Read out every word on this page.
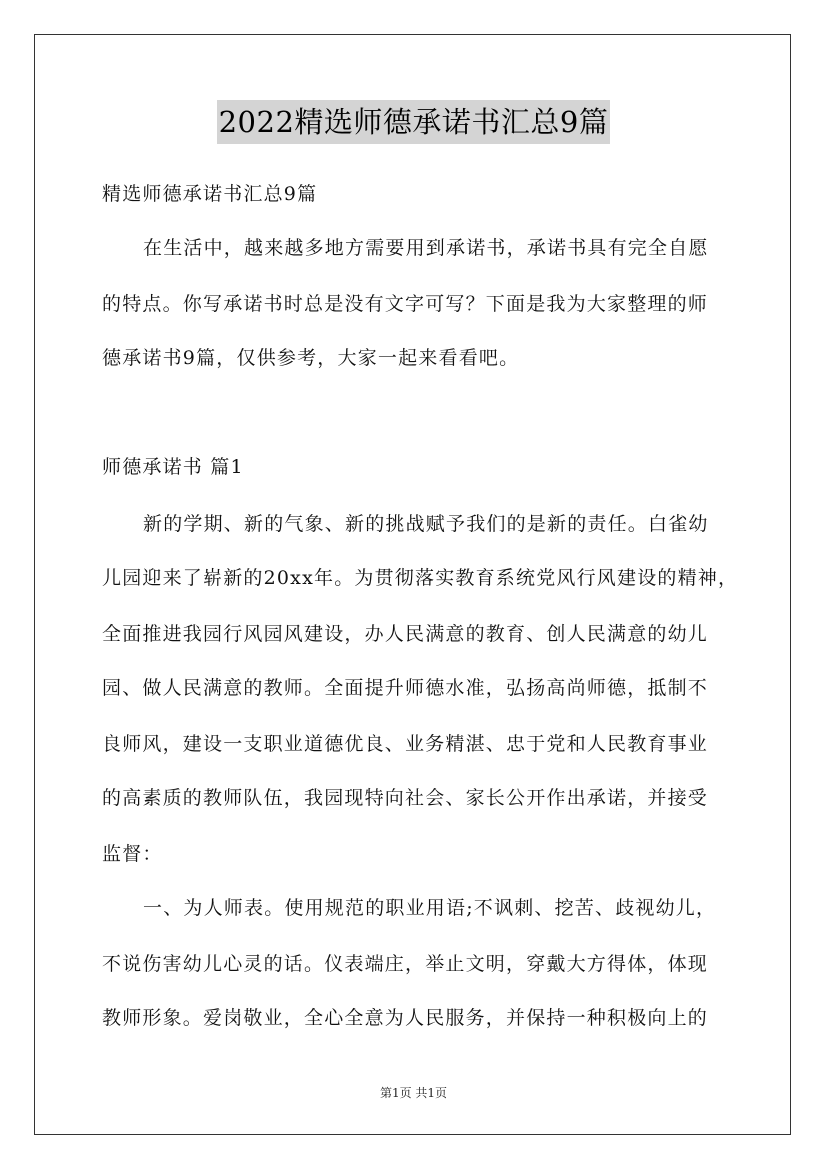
2022精选师德承诺书汇总9篇
精选师德承诺书汇总9篇
在生活中，越来越多地方需要用到承诺书，承诺书具有完全自愿
的特点。你写承诺书时总是没有文字可写？下面是我为大家整理的师
德承诺书9篇，仅供参考，大家一起来看看吧。
师德承诺书 篇1
新的学期、新的气象、新的挑战赋予我们的是新的责任。白雀幼
儿园迎来了崭新的20xx年。为贯彻落实教育系统党风行风建设的精神，
全面推进我园行风园风建设，办人民满意的教育、创人民满意的幼儿
园、做人民满意的教师。全面提升师德水准，弘扬高尚师德，抵制不
良师风，建设一支职业道德优良、业务精湛、忠于党和人民教育事业
的高素质的教师队伍，我园现特向社会、家长公开作出承诺，并接受
监督：
一、为人师表。使用规范的职业用语;不讽刺、挖苦、歧视幼儿，
不说伤害幼儿心灵的话。仪表端庄，举止文明，穿戴大方得体，体现
教师形象。爱岗敬业，全心全意为人民服务，并保持一种积极向上的
第1页 共1页
